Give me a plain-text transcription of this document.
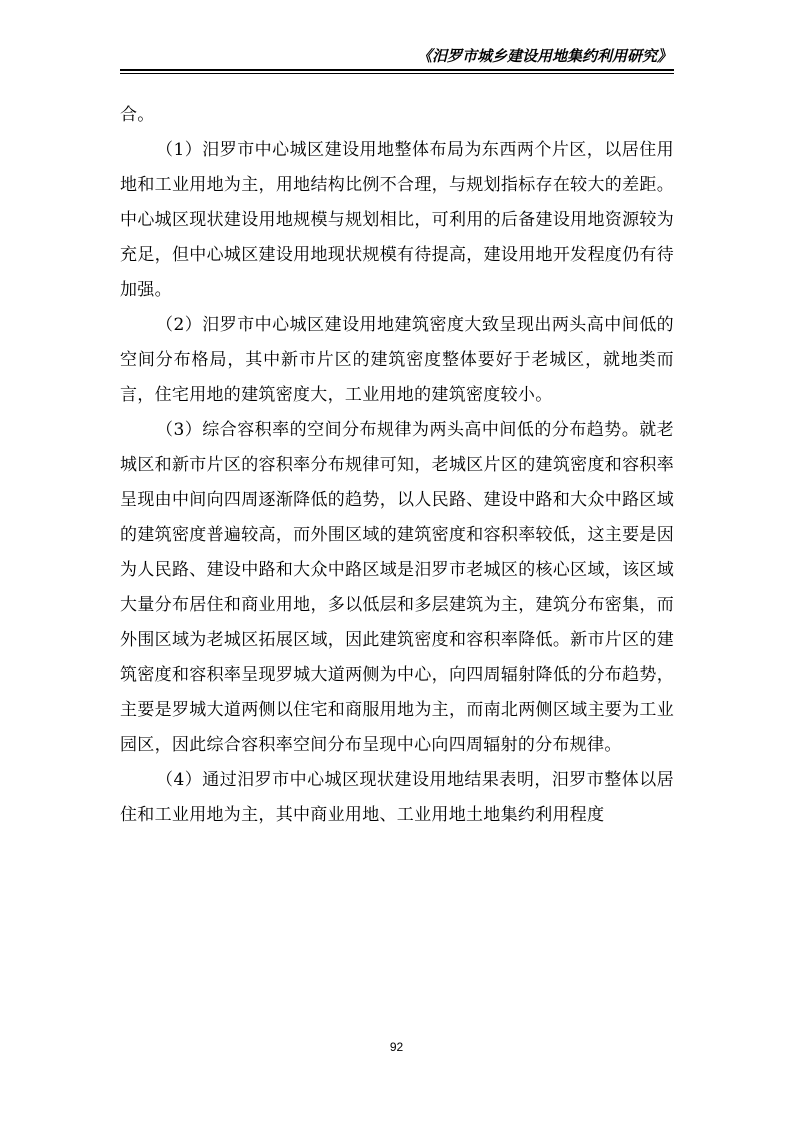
《汨罗市城乡建设用地集约利用研究》

合。

（1）汨罗市中心城区建设用地整体布局为东西两个片区，以居住用地和工业用地为主，用地结构比例不合理，与规划指标存在较大的差距。中心城区现状建设用地规模与规划相比，可利用的后备建设用地资源较为充足，但中心城区建设用地现状规模有待提高，建设用地开发程度仍有待加强。

（2）汨罗市中心城区建设用地建筑密度大致呈现出两头高中间低的空间分布格局，其中新市片区的建筑密度整体要好于老城区，就地类而言，住宅用地的建筑密度大，工业用地的建筑密度较小。

（3）综合容积率的空间分布规律为两头高中间低的分布趋势。就老城区和新市片区的容积率分布规律可知，老城区片区的建筑密度和容积率呈现由中间向四周逐渐降低的趋势，以人民路、建设中路和大众中路区域的建筑密度普遍较高，而外围区域的建筑密度和容积率较低，这主要是因为人民路、建设中路和大众中路区域是汨罗市老城区的核心区域，该区域大量分布居住和商业用地，多以低层和多层建筑为主，建筑分布密集，而外围区域为老城区拓展区域，因此建筑密度和容积率降低。新市片区的建筑密度和容积率呈现罗城大道两侧为中心，向四周辐射降低的分布趋势，主要是罗城大道两侧以住宅和商服用地为主，而南北两侧区域主要为工业园区，因此综合容积率空间分布呈现中心向四周辐射的分布规律。

（4）通过汨罗市中心城区现状建设用地结果表明，汨罗市整体以居住和工业用地为主，其中商业用地、工业用地土地集约利用程度

92
